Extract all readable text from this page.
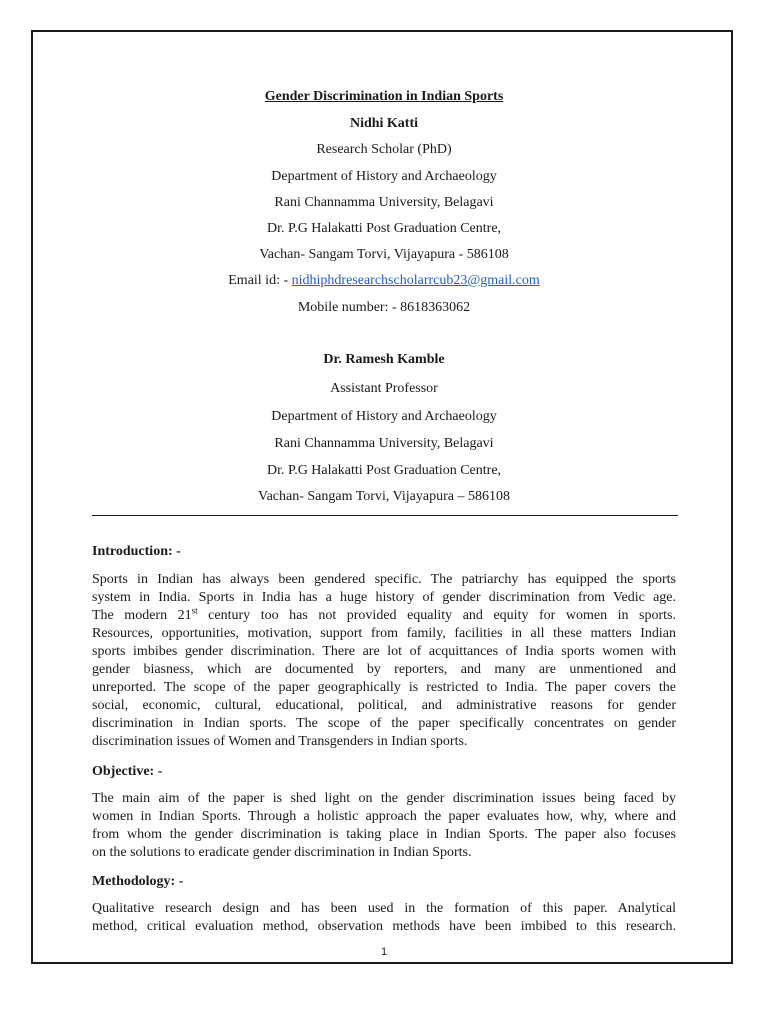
Gender Discrimination in Indian Sports
Nidhi Katti
Research Scholar (PhD)
Department of History and Archaeology
Rani Channamma University, Belagavi
Dr. P.G Halakatti Post Graduation Centre,
Vachan- Sangam Torvi, Vijayapura - 586108
Email id: - nidhiphdresearchscholarrcub23@gmail.com
Mobile number: - 8618363062
Dr. Ramesh Kamble
Assistant Professor
Department of History and Archaeology
Rani Channamma University, Belagavi
Dr. P.G Halakatti Post Graduation Centre,
Vachan- Sangam Torvi, Vijayapura – 586108
Introduction: -
Sports in Indian has always been gendered specific. The patriarchy has equipped the sports
system in India. Sports in India has a huge history of gender discrimination from Vedic age.
The modern 21st century too has not provided equality and equity for women in sports.
Resources, opportunities, motivation, support from family, facilities in all these matters Indian
sports imbibes gender discrimination. There are lot of acquittances of India sports women with
gender biasness, which are documented by reporters, and many are unmentioned and
unreported. The scope of the paper geographically is restricted to India. The paper covers the
social, economic, cultural, educational, political, and administrative reasons for gender
discrimination in Indian sports. The scope of the paper specifically concentrates on gender
discrimination issues of Women and Transgenders in Indian sports.
Objective: -
The main aim of the paper is shed light on the gender discrimination issues being faced by
women in Indian Sports. Through a holistic approach the paper evaluates how, why, where and
from whom the gender discrimination is taking place in Indian Sports. The paper also focuses
on the solutions to eradicate gender discrimination in Indian Sports.
Methodology: -
Qualitative research design and has been used in the formation of this paper. Analytical
method, critical evaluation method, observation methods have been imbibed to this research.
1
